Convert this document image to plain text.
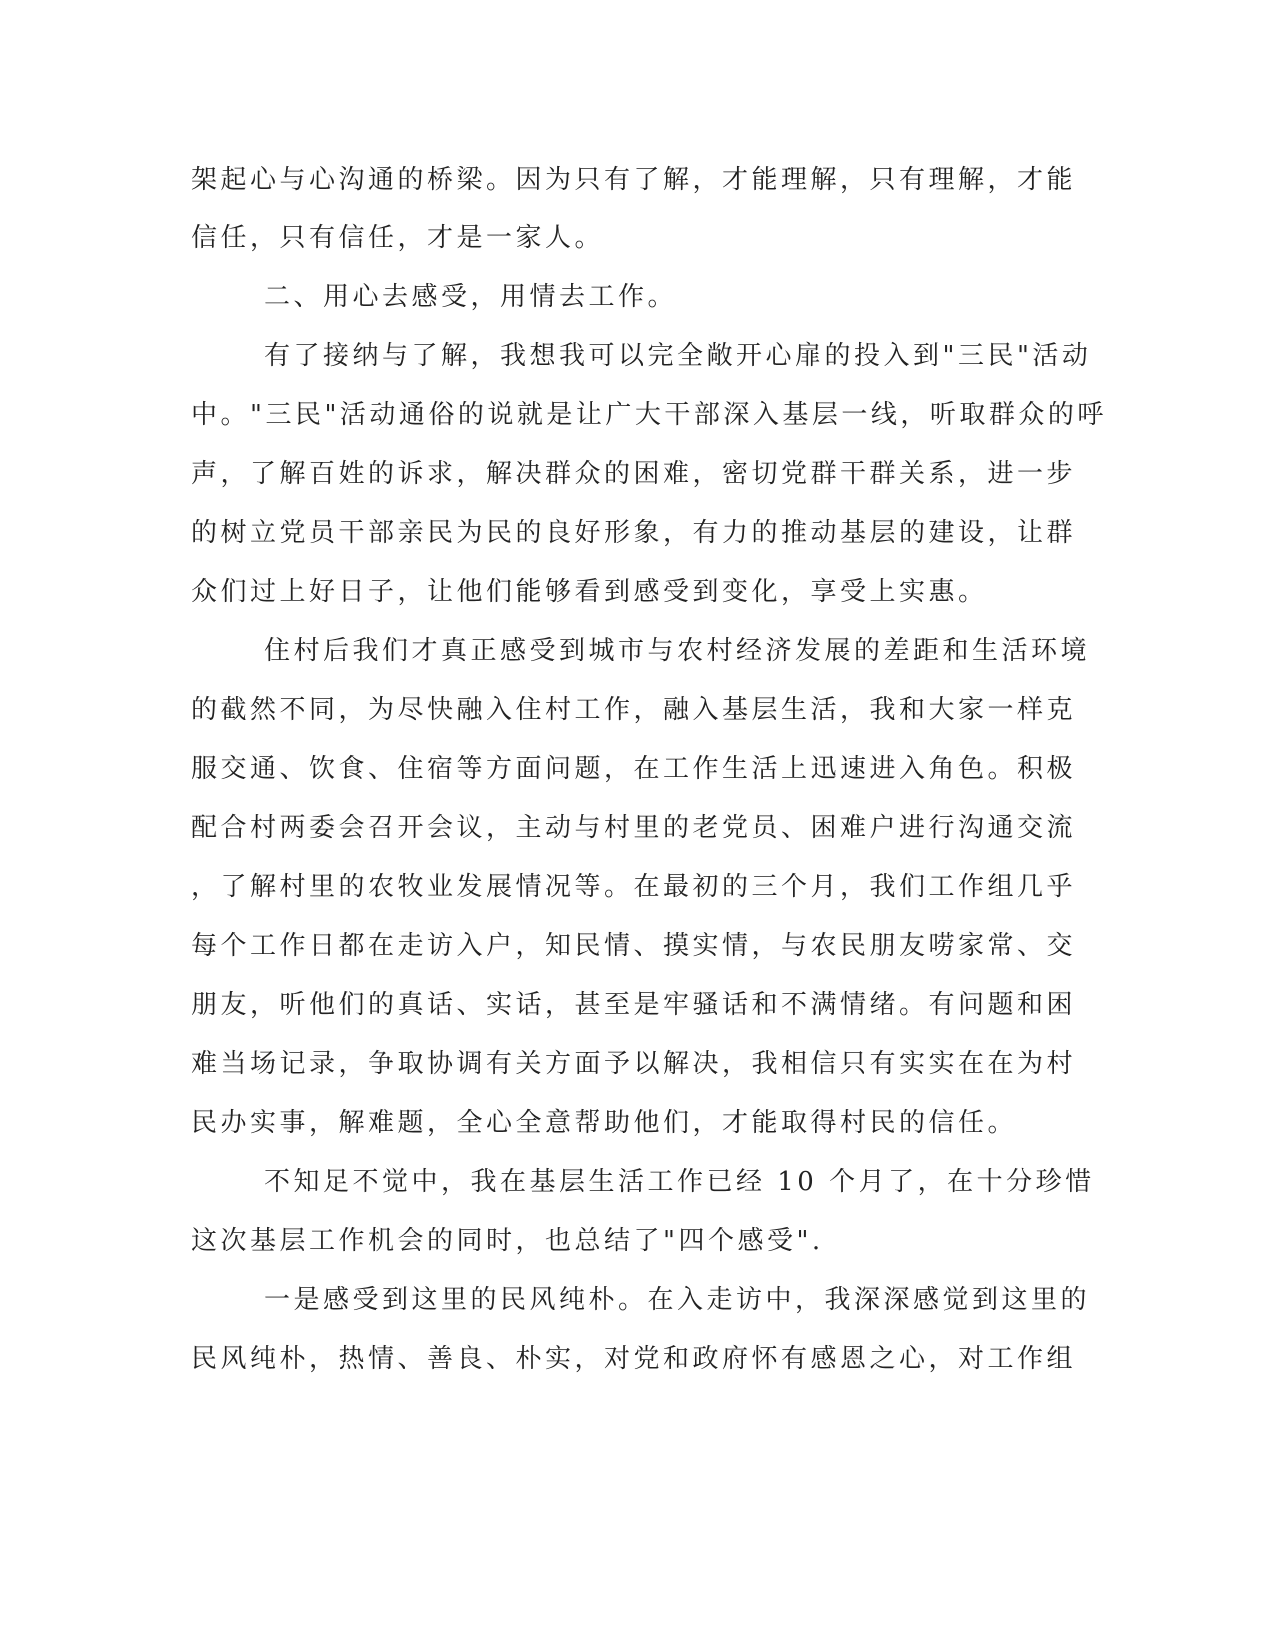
架起心与心沟通的桥梁。因为只有了解，才能理解，只有理解，才能
信任，只有信任，才是一家人。
二、用心去感受，用情去工作。
有了接纳与了解，我想我可以完全敞开心扉的投入到"三民"活动
中。"三民"活动通俗的说就是让广大干部深入基层一线，听取群众的呼
声，了解百姓的诉求，解决群众的困难，密切党群干群关系，进一步
的树立党员干部亲民为民的良好形象，有力的推动基层的建设，让群
众们过上好日子，让他们能够看到感受到变化，享受上实惠。
住村后我们才真正感受到城市与农村经济发展的差距和生活环境
的截然不同，为尽快融入住村工作，融入基层生活，我和大家一样克
服交通、饮食、住宿等方面问题，在工作生活上迅速进入角色。积极
配合村两委会召开会议，主动与村里的老党员、困难户进行沟通交流
，了解村里的农牧业发展情况等。在最初的三个月，我们工作组几乎
每个工作日都在走访入户，知民情、摸实情，与农民朋友唠家常、交
朋友，听他们的真话、实话，甚至是牢骚话和不满情绪。有问题和困
难当场记录，争取协调有关方面予以解决，我相信只有实实在在为村
民办实事，解难题，全心全意帮助他们，才能取得村民的信任。
不知足不觉中，我在基层生活工作已经 10 个月了，在十分珍惜
这次基层工作机会的同时，也总结了"四个感受".
一是感受到这里的民风纯朴。在入走访中，我深深感觉到这里的
民风纯朴，热情、善良、朴实，对党和政府怀有感恩之心，对工作组
